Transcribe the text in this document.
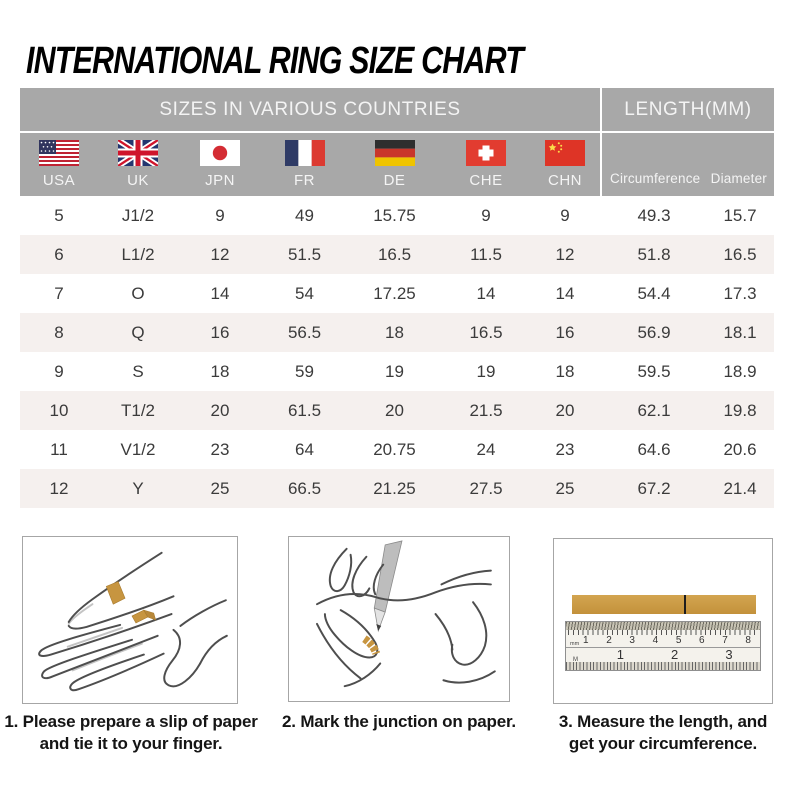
INTERNATIONAL RING SIZE CHART
SIZES IN VARIOUS COUNTRIES	LENGTH(MM)
USA	UK	JPN	FR	DE	CHE	CHN Circumference Diameter
5	J1/2	9	49	15.75	9	9	49.3	15.7
6	L1/2	12	51.5	16.5	11.5	12	51.8	16.5
7	O	14	54	17.25	14	14	54.4	17.3
8	Q	16	56.5	18	16.5	16	56.9	18.1
9	S	18	59	19	19	18	59.5	18.9
10	T1/2	20	61.5	20	21.5	20	62.1	19.8
11	V1/2	23	64	20.75	24	23	64.6	20.6
12	Y	25	66.5	21.25	27.5	25	67.2	21.4
mm 1 2 3 4 5 6 7 8
M	1	2	3
1. Please prepare a slip of paper
and tie it to your finger.
2. Mark the junction on paper.	3. Measure the length, and
get your circumference.
